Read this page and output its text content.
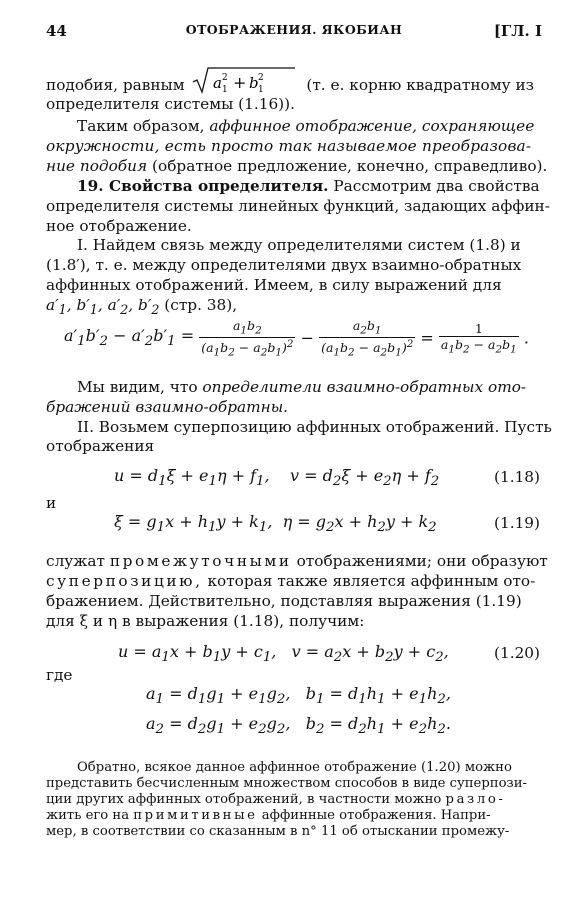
44	ОТОБРАЖЕНИЯ. ЯКОБИАН	[ГЛ. I
подобия, равным a 1
2 + b 1
2	(т. е. корню квадратному из
определителя системы (1.16)).
Таким образом, аффинное отображение, сохраняющее
окружности, есть просто так называемое преобразова-
ние подобия (обратное предложение, конечно, справедливо).
19. Свойства определителя. Рассмотрим два свойства
определителя системы линейных функций, задающих аффин-
ное отображение.
I. Найдем связь между определителями систем (1.8) и
(1.8′), т. е. между определителями двух взаимно-обратных
аффинных отображений. Имеем, в силу выражений для
$a'_1$, $b'_1$, $a'_2$, $b'_2$ (стр. 38),
$a'_1b'_2 - a'_2b'_1 = \frac{a_1b_2}{(a_1b_2 - a_2b_1)^2} - \frac{a_2b_1}{(a_1b_2 - a_2b_1)^2} = \frac{1}{a_1b_2 - a_2b_1}$ .
Мы видим, что определители взаимно-обратных ото-
бражений взаимно-обратны.
II. Возьмем суперпозицию аффинных отображений. Пусть
отображения
$u = d_1\xi + e_1\eta + f_1$,    $v = d_2\xi + e_2\eta + f_2$	(1.18)
и
$\xi = g_1x + h_1y + k_1$,  $\eta = g_2x + h_2y + k_2$	(1.19)
служат промежуточными отображениями; они образуют
суперпозицию, которая также является аффинным ото-
бражением. Действительно, подставляя выражения (1.19)
для ξ и η в выражения (1.18), получим:
$u = a_1x + b_1y + c_1$,   $v = a_2x + b_2y + c_2$,	(1.20)
где
$a_1 = d_1g_1 + e_1g_2$,   $b_1 = d_1h_1 + e_1h_2$,
$a_2 = d_2g_1 + e_2g_2$,   $b_2 = d_2h_1 + e_2h_2$.
Обратно, всякое данное аффинное отображение (1.20) можно
представить бесчисленным множеством способов в виде суперпози-
ции других аффинных отображений, в частности можно разло-
жить его на примитивные аффинные отображения. Напри-
мер, в соответствии со сказанным в n° 11 об отыскании промежу-
